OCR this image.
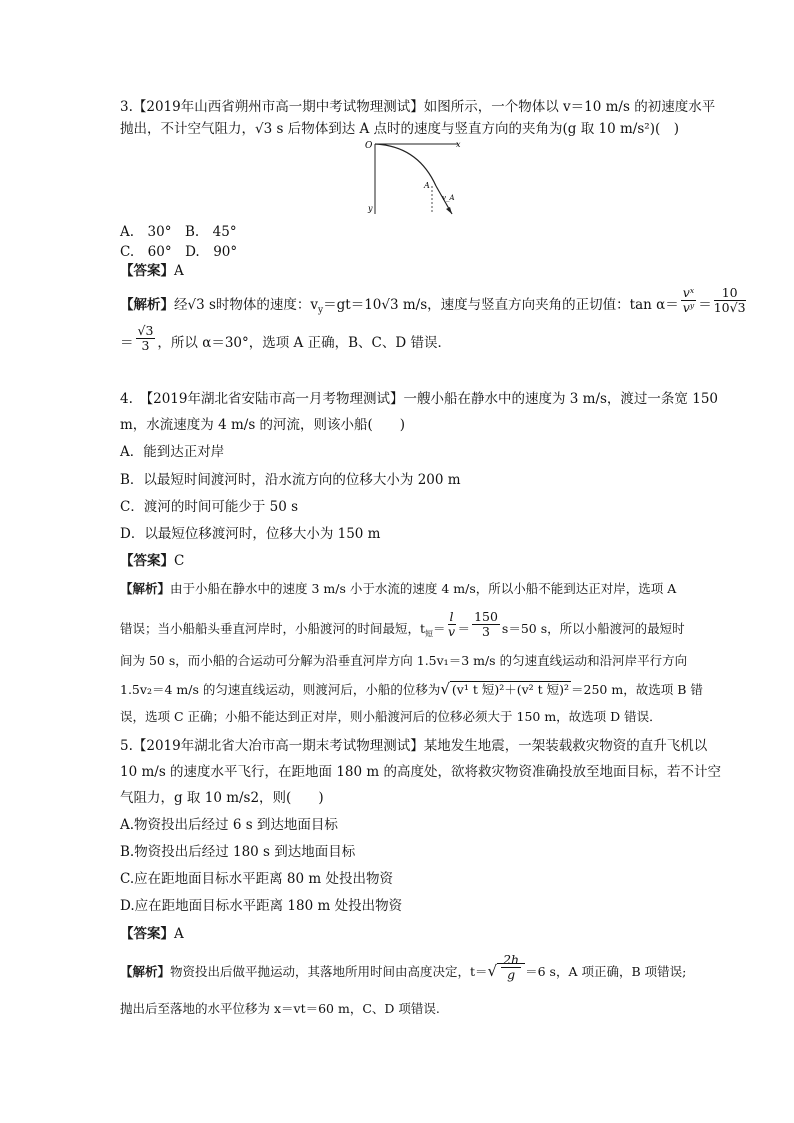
3.【2019年山西省朔州市高一期中考试物理测试】如图所示，一个物体以 v＝10 m/s 的初速度水平
抛出，不计空气阻力，√3 s 后物体到达 A 点时的速度与竖直方向的夹角为(g 取 10 m/s²)(　)
O	x
y
A
v_A
A.　30°　B.　45°
C.　60°　D.　90°
【答案】A
【解析】经√3 s时物体的速度：$v_y=gt=10√3$ m/s，速度与竖直方向夹角的正切值：$\tan \alpha= \frac{\text{vˣ}}{\text{vʸ}} = \frac{10}{10√3}$
＝ $\frac{√3}{3}$ ，所以 α＝30°，选项 A 正确，B、C、D 错误．
4.　【2019年湖北省安陆市高一月考物理测试】一艘小船在静水中的速度为 3 m/s，渡过一条宽 150
m，水流速度为 4 m/s 的河流，则该小船(　　)
A．能到达正对岸
B．以最短时间渡河时，沿水流方向的位移大小为 200 m
C．渡河的时间可能少于 50 s
D．以最短位移渡河时，位移大小为 150 m
【答案】C
【解析】由于小船在静水中的速度 3 m/s 小于水流的速度 4 m/s，所以小船不能到达正对岸，选项 A
错误；当小船船头垂直河岸时，小船渡河的时间最短，$t_短= \frac{l}{v} = \frac{150}{3} s=50$ s，所以小船渡河的最短时
间为 50 s，而小船的合运动可分解为沿垂直河岸方向 1.5v₁＝3 m/s 的匀速直线运动和沿河岸平行方向
1.5v₂＝4 m/s 的匀速直线运动，则渡河后，小船的位移为√ (v¹ t 短)²＋(v² t 短)² ＝250 m，故选项 B 错
误，选项 C 正确；小船不能达到正对岸，则小船渡河后的位移必须大于 150 m，故选项 D 错误．
5.【2019年湖北省大冶市高一期末考试物理测试】某地发生地震，一架装载救灾物资的直升飞机以
10 m/s 的速度水平飞行，在距地面 180 m 的高度处，欲将救灾物资准确投放至地面目标，若不计空
气阻力，g 取 10 m/s2，则(　　)
A.物资投出后经过 6 s 到达地面目标
B.物资投出后经过 180 s 到达地面目标
C.应在距地面目标水平距离 80 m 处投出物资
D.应在距地面目标水平距离 180 m 处投出物资
【答案】A
【解析】物资投出后做平抛运动，其落地所用时间由高度决定，$t=√ \frac{2h}{g} =6$ s，A 项正确，B 项错误;
抛出后至落地的水平位移为 x＝vt＝60 m，C、D 项错误.
